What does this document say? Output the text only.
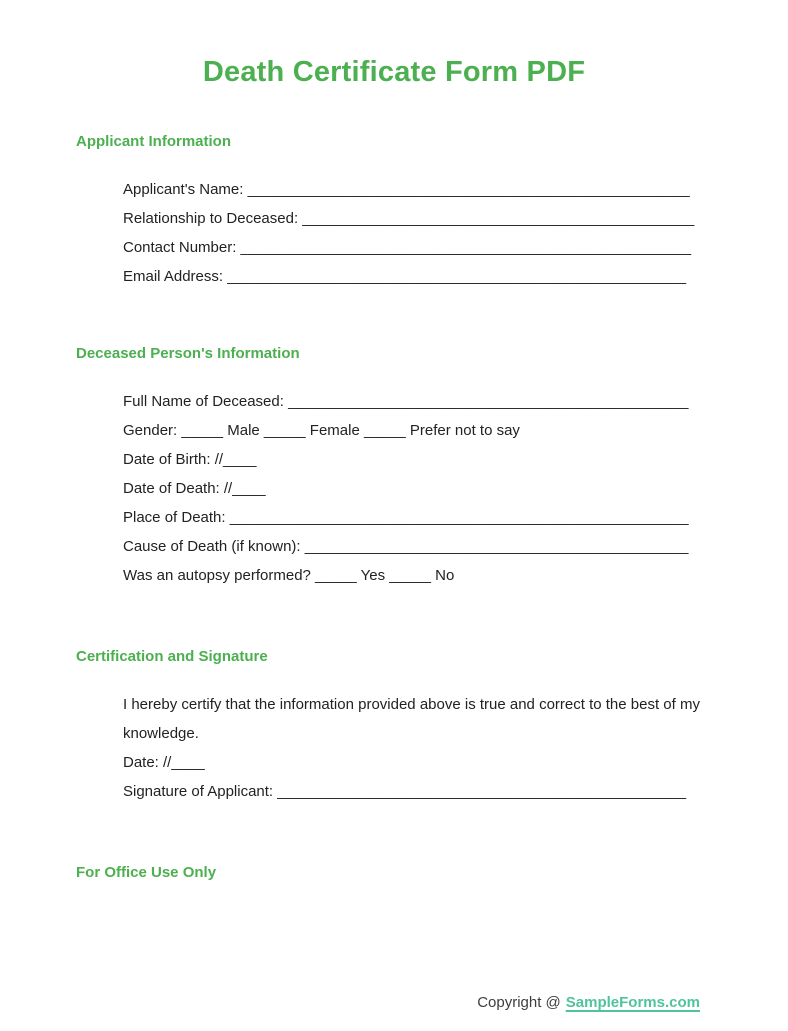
Death Certificate Form PDF
Applicant Information
• Applicant's Name: _____________________________________________________
• Relationship to Deceased: _______________________________________________
• Contact Number: ______________________________________________________
• Email Address: _______________________________________________________
Deceased Person's Information
• Full Name of Deceased: ________________________________________________
• Gender: _____ Male _____ Female _____ Prefer not to say
• Date of Birth: //____
• Date of Death: //____
• Place of Death: _______________________________________________________
• Cause of Death (if known): ______________________________________________
• Was an autopsy performed? _____ Yes _____ No
Certification and Signature
• I hereby certify that the information provided above is true and correct to the best of my knowledge.
• Date: //____
• Signature of Applicant: _________________________________________________
For Office Use Only
Copyright @ SampleForms.com
